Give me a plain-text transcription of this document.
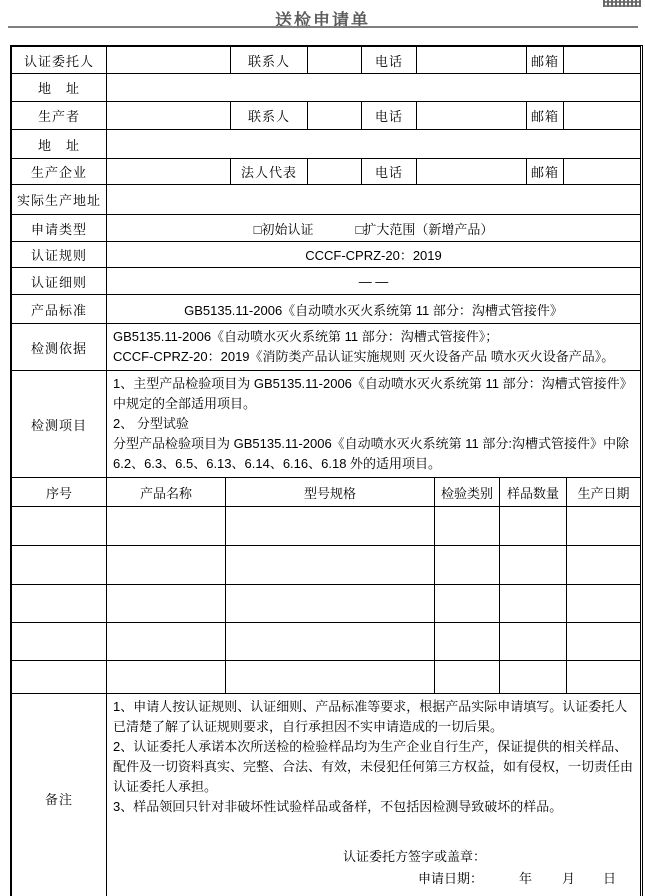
送检申请单
认证委托人		联系人		电话		邮箱	
地　址							
生产者		联系人		电话		邮箱	
地　址							
生产企业		法人代表		电话		邮箱	
实际生产地址							
申请类型	□初始认证 □扩大范围（新增产品）						
认证规则	CCCF-CPRZ-20：2019						
认证细则	— —						
产品标准	GB5135.11-2006《自动喷水灭火系统第 11 部分：沟槽式管接件》						
检测依据	GB5135.11-2006《自动喷水灭火系统第 11 部分：沟槽式管接件》；

CCCF-CPRZ-20：2019《消防类产品认证实施规则 灭火设备产品 喷水灭火设备产品》。						

检测项目	1、主型产品检验项目为 GB5135.11-2006《自动喷水灭火系统第 11 部分：沟槽式管接件》中规定的全部适用项目。

2、 分型试验

分型产品检验项目为 GB5135.11-2006《自动喷水灭火系统第 11 部分:沟槽式管接件》中除6.2、6.3、6.5、6.13、6.14、6.16、6.18 外的适用项目。						

序号	产品名称	型号规格	检验类别	样品数量	生产日期

备注	

1、申请人按认证规则、认证细则、产品标准等要求，根据产品实际申请填写。认证委托人已清楚了解了认证规则要求，自行承担因不实申请造成的一切后果。

2、认证委托人承诺本次所送检的检验样品均为生产企业自行生产，保证提供的相关样品、配件及一切资料真实、完整、合法、有效，未侵犯任何第三方权益，如有侵权，一切责任由认证委托人承担。

3、样品领回只针对非破坏性试验样品或备样，不包括因检测导致破坏的样品。

认证委托方签字或盖章：
申请日期：	年 月 日
